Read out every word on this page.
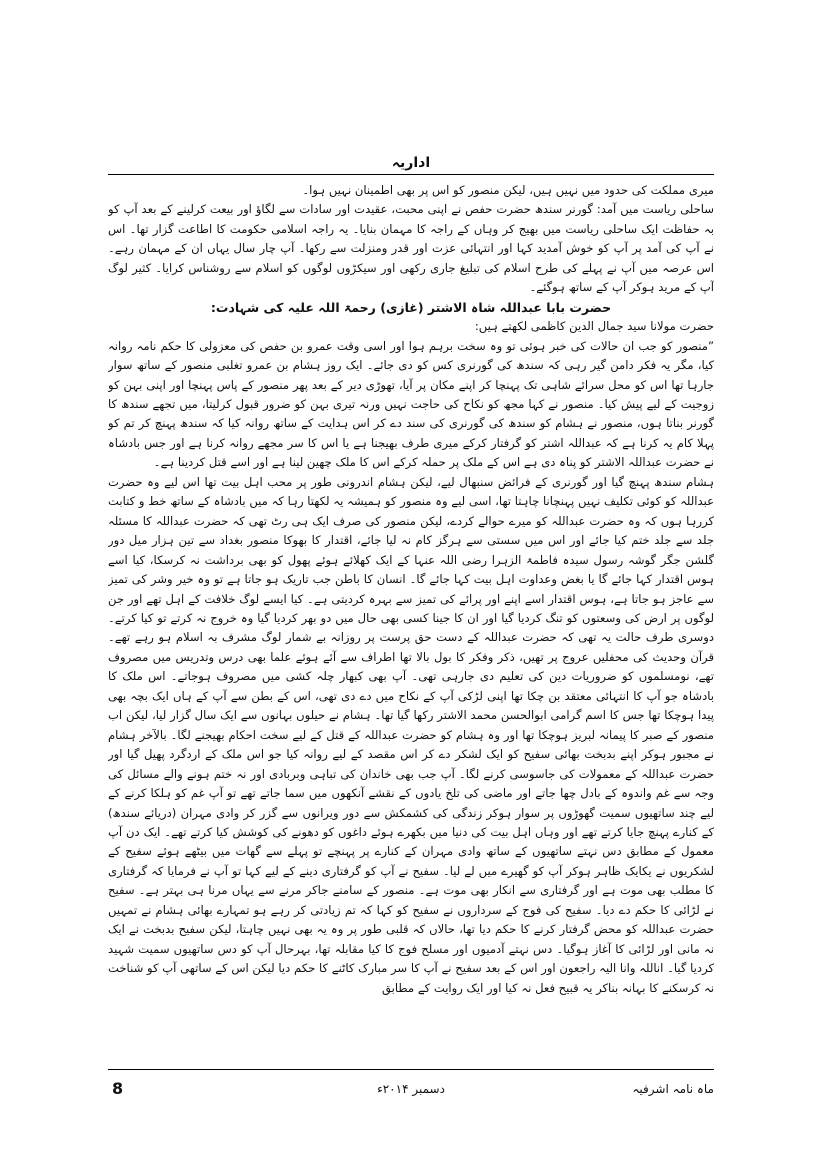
اداریہ

میری مملکت کی حدود میں نہیں ہیں، لیکن منصور کو اس پر بھی اطمینان نہیں ہوا۔

ساحلی ریاست میں آمد: گورنر سندھ حضرت حفص نے اپنی محبت، عقیدت اور سادات سے لگاؤ اور بیعت کرلینے کے بعد آپ کو بہ حفاظت ایک ساحلی ریاست میں بھیج کر وہاں کے راجہ کا مہمان بنایا۔ یہ راجہ اسلامی حکومت کا اطاعت گزار تھا۔ اس نے آپ کی آمد پر آپ کو خوش آمدید کہا اور انتہائی عزت اور قدر ومنزلت سے رکھا۔ آپ چار سال یہاں ان کے مہمان رہے۔ اس عرصہ میں آپ نے پہلے کی طرح اسلام کی تبلیغ جاری رکھی اور سیکڑوں لوگوں کو اسلام سے روشناس کرایا۔ کثیر لوگ آپ کے مرید ہوکر آپ کے ساتھ ہوگئے۔

حضرت بابا عبداللہ شاہ الاشتر (غازی) رحمۃ اللہ علیہ کی شہادت:

حضرت مولانا سید جمال الدین کاظمی لکھتے ہیں:

”منصور کو جب ان حالات کی خبر ہوئی تو وہ سخت برہم ہوا اور اسی وقت عمرو بن حفص کی معزولی کا حکم نامہ روانہ کیا، مگر یہ فکر دامن گیر رہی کہ سندھ کی گورنری کس کو دی جائے۔ ایک روز ہشام بن عمرو تغلبی منصور کے ساتھ سوار جارہا تھا اس کو محل سرائے شاہی تک پہنچا کر اپنے مکان پر آیا، تھوڑی دیر کے بعد پھر منصور کے پاس پہنچا اور اپنی بہن کو زوجیت کے لیے پیش کیا۔ منصور نے کہا مجھ کو نکاح کی حاجت نہیں ورنہ تیری بہن کو ضرور قبول کرلیتا، میں تجھے سندھ کا گورنر بناتا ہوں، منصور نے ہشام کو سندھ کی گورنری کی سند دے کر اس ہدایت کے ساتھ روانہ کیا کہ سندھ پہنچ کر تم کو پہلا کام یہ کرنا ہے کہ عبداللہ اشتر کو گرفتار کرکے میری طرف بھیجنا ہے یا اس کا سر مجھے روانہ کرنا ہے اور جس بادشاہ نے حضرت عبداللہ الاشتر کو پناہ دی ہے اس کے ملک پر حملہ کرکے اس کا ملک چھین لینا ہے اور اسے قتل کردینا ہے۔

ہشام سندھ پہنچ گیا اور گورنری کے فرائض سنبھال لیے، لیکن ہشام اندرونی طور پر محب اہل بیت تھا اس لیے وہ حضرت عبداللہ کو کوئی تکلیف نہیں پہنچانا چاہتا تھا، اسی لیے وہ منصور کو ہمیشہ یہ لکھتا رہا کہ میں بادشاہ کے ساتھ خط و کتابت کررہا ہوں کہ وہ حضرت عبداللہ کو میرے حوالے کردے، لیکن منصور کی صرف ایک ہی رٹ تھی کہ حضرت عبداللہ کا مسئلہ جلد سے جلد ختم کیا جائے اور اس میں سستی سے ہرگز کام نہ لیا جائے، اقتدار کا بھوکا منصور بغداد سے تین ہزار میل دور گلشن جگر گوشہ رسول سیدہ فاطمۃ الزہرا رضی اللہ عنہا کے ایک کھلائے ہوئے پھول کو بھی برداشت نہ کرسکا، کیا اسے ہوس اقتدار کہا جائے گا یا بغض وعداوت اہل بیت کہا جائے گا۔ انسان کا باطن جب تاریک ہو جاتا ہے تو وہ خیر وشر کی تمیز سے عاجز ہو جاتا ہے، ہوس اقتدار اسے اپنے اور پرائے کی تمیز سے بہرہ کردیتی ہے۔ کیا ایسے لوگ خلافت کے اہل تھے اور جن لوگوں پر ارض کی وسعتوں کو تنگ کردیا گیا اور ان کا جینا کسی بھی حال میں دو بھر کردیا گیا وہ خروج نہ کرتے تو کیا کرتے۔ دوسری طرف حالت یہ تھی کہ حضرت عبداللہ کے دست حق پرست پر روزانہ بے شمار لوگ مشرف بہ اسلام ہو رہے تھے۔ قرآن وحدیث کی محفلیں عروج پر تھیں، ذکر وفکر کا بول بالا تھا اطراف سے آئے ہوئے علما بھی درس وتدریس میں مصروف تھے، نومسلموں کو ضروریات دین کی تعلیم دی جارہی تھی۔ آپ بھی کبھار چلہ کشی میں مصروف ہوجاتے۔ اس ملک کا بادشاہ جو آپ کا انتہائی معتقد بن چکا تھا اپنی لڑکی آپ کے نکاح میں دے دی تھی، اس کے بطن سے آپ کے ہاں ایک بچہ بھی پیدا ہوچکا تھا جس کا اسم گرامی ابوالحسن محمد الاشتر رکھا گیا تھا۔ ہشام نے حیلوں بہانوں سے ایک سال گزار لیا، لیکن اب منصور کے صبر کا پیمانہ لبریز ہوچکا تھا اور وہ ہشام کو حضرت عبداللہ کے قتل کے لیے سخت احکام بھیجنے لگا۔ بالآخر ہشام نے مجبور ہوکر اپنے بدبخت بھائی سفیح کو ایک لشکر دے کر اس مقصد کے لیے روانہ کیا جو اس ملک کے اردگرد پھیل گیا اور حضرت عبداللہ کے معمولات کی جاسوسی کرنے لگا۔ آپ جب بھی خاندان کی تباہی وبربادی اور نہ ختم ہونے والے مسائل کی وجہ سے غم واندوہ کے بادل چھا جاتے اور ماضی کی تلخ یادوں کے نقشے آنکھوں میں سما جاتے تھے تو آپ غم کو ہلکا کرنے کے لیے چند ساتھیوں سمیت گھوڑوں پر سوار ہوکر زندگی کی کشمکش سے دور ویرانوں سے گزر کر وادی مہران (دریائے سندھ) کے کنارے پہنچ جایا کرتے تھے اور وہاں اہل بیت کی دنیا میں بکھرے ہوئے داغوں کو دھونے کی کوشش کیا کرتے تھے۔ ایک دن آپ معمول کے مطابق دس نہتے ساتھیوں کے ساتھ وادی مہران کے کنارے پر پہنچے تو پہلے سے گھات میں بیٹھے ہوئے سفیح کے لشکریوں نے یکایک ظاہر ہوکر آپ کو گھیرے میں لے لیا۔ سفیح نے آپ کو گرفتاری دینے کے لیے کہا تو آپ نے فرمایا کہ گرفتاری کا مطلب بھی موت ہے اور گرفتاری سے انکار بھی موت ہے۔ منصور کے سامنے جاکر مرنے سے یہاں مرنا ہی بہتر ہے۔ سفیح نے لڑائی کا حکم دے دیا۔ سفیح کی فوج کے سرداروں نے سفیح کو کہا کہ تم زیادتی کر رہے ہو تمہارے بھائی ہشام نے تمہیں حضرت عبداللہ کو محض گرفتار کرنے کا حکم دیا تھا، حالاں کہ قلبی طور پر وہ یہ بھی نہیں چاہتا، لیکن سفیح بدبخت نے ایک نہ مانی اور لڑائی کا آغاز ہوگیا۔ دس نہتے آدمیوں اور مسلح فوج کا کیا مقابلہ تھا، بہرحال آپ کو دس ساتھیوں سمیت شہید کردیا گیا۔ اناللہ وانا الیہ راجعون اور اس کے بعد سفیح نے آپ کا سر مبارک کاٹنے کا حکم دیا لیکن اس کے ساتھی آپ کو شناخت نہ کرسکنے کا بہانہ بناکر یہ قبیح فعل نہ کیا اور ایک روایت کے مطابق

8	دسمبر ۲۰۱۴ء	ماہ نامہ اشرفیہ
